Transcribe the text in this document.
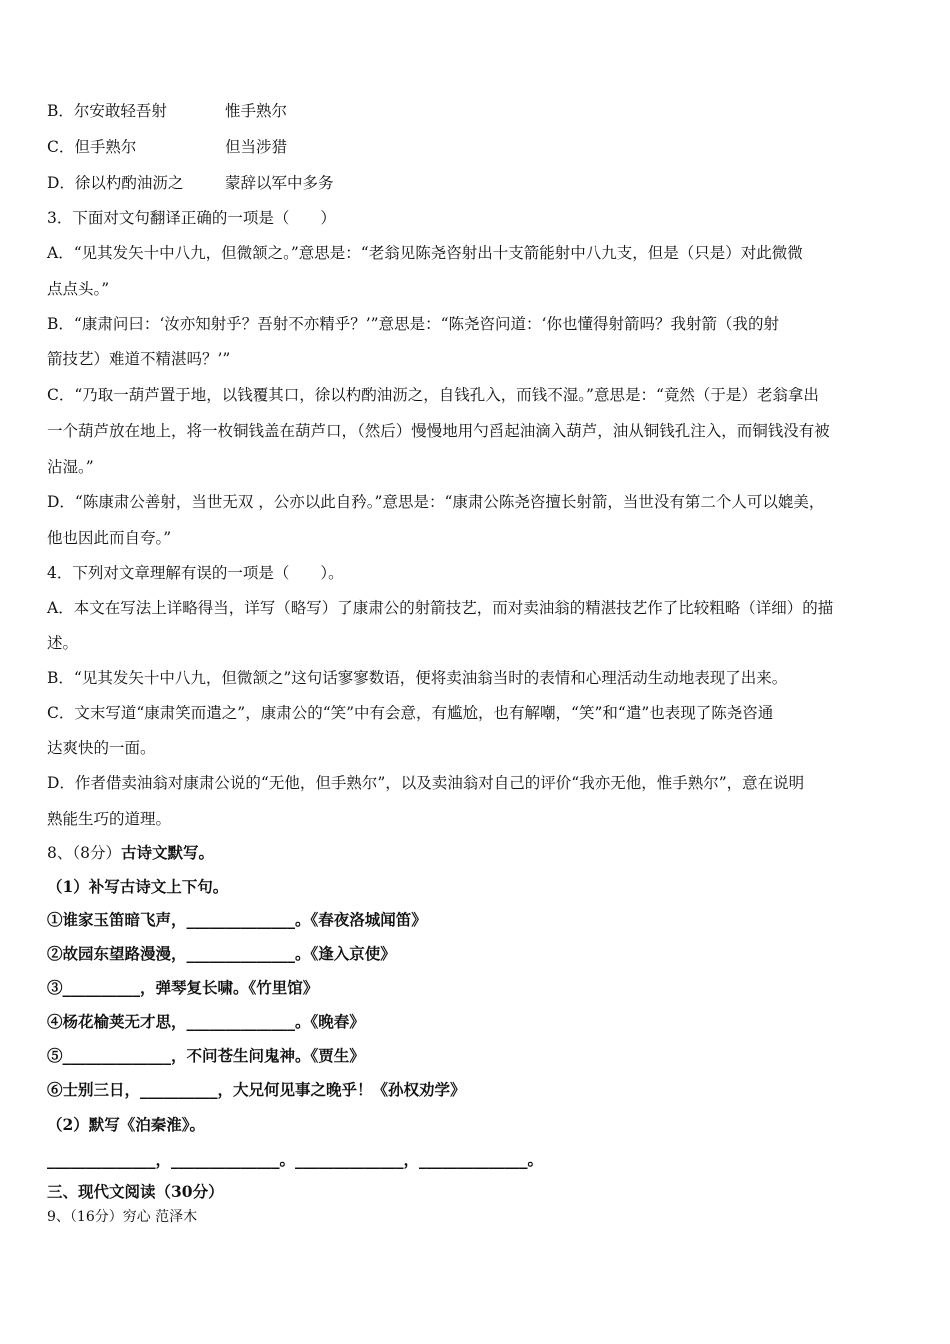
B．尔安敢轻吾射	惟手熟尔
C．但手熟尔	但当涉猎
D．徐以杓酌油沥之	蒙辞以军中多务
3．下面对文句翻译正确的一项是（　　）
A．“见其发矢十中八九，但微颔之。”意思是：“老翁见陈尧咨射出十支箭能射中八九支，但是（只是）对此微微
点点头。”
B．“康肃问曰：‘汝亦知射乎？吾射不亦精乎？’”意思是：“陈尧咨问道：‘你也懂得射箭吗？我射箭（我的射
箭技艺）难道不精湛吗？’”
C．“乃取一葫芦置于地，以钱覆其口，徐以杓酌油沥之，自钱孔入，而钱不湿。”意思是：“竟然（于是）老翁拿出
一个葫芦放在地上，将一枚铜钱盖在葫芦口，（然后）慢慢地用勺舀起油滴入葫芦，油从铜钱孔注入，而铜钱没有被
沾湿。”
D．“陈康肃公善射，当世无双 ，公亦以此自矜。”意思是：“康肃公陈尧咨擅长射箭，当世没有第二个人可以媲美，
他也因此而自夸。”
4．下列对文章理解有误的一项是（　　）。
A．本文在写法上详略得当，详写（略写）了康肃公的射箭技艺，而对卖油翁的精湛技艺作了比较粗略（详细）的描
述。
B．“见其发矢十中八九，但微颔之”这句话寥寥数语，便将卖油翁当时的表情和心理活动生动地表现了出来。
C．文末写道“康肃笑而遣之”，康肃公的“笑”中有会意，有尴尬，也有解嘲，“笑”和“遣”也表现了陈尧咨通
达爽快的一面。
D．作者借卖油翁对康肃公说的“无他，但手熟尔”，以及卖油翁对自己的评价“我亦无他，惟手熟尔”，意在说明
熟能生巧的道理。
8、（8分）古诗文默写。
（1）补写古诗文上下句。
①谁家玉笛暗飞声，______________。《春夜洛城闻笛》
②故园东望路漫漫，______________。《逢入京使》
③__________，弹琴复长啸。《竹里馆》
④杨花榆荚无才思，______________。《晚春》
⑤______________，不问苍生问鬼神。《贾生》
⑥士别三日，__________，大兄何见事之晚乎！《孙权劝学》
（2）默写《泊秦淮》。
______________，______________。______________，______________。
三、现代文阅读（30分）
9、（16分）穷心 范泽木
